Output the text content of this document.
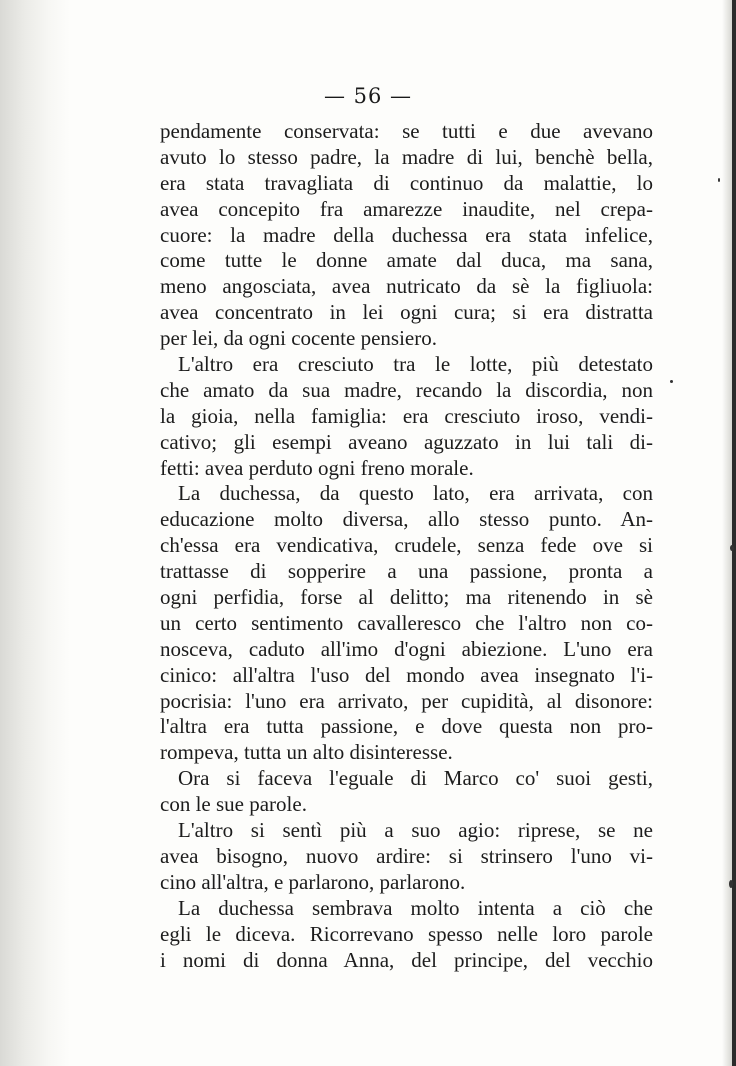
— 56 —
pendamente conservata: se tutti e due avevano
avuto lo stesso padre, la madre di lui, benchè bella,
era stata travagliata di continuo da malattie, lo
avea concepito fra amarezze inaudite, nel crepa-
cuore: la madre della duchessa era stata infelice,
come tutte le donne amate dal duca, ma sana,
meno angosciata, avea nutricato da sè la figliuola:
avea concentrato in lei ogni cura; si era distratta
per lei, da ogni cocente pensiero.
L'altro era cresciuto tra le lotte, più detestato
che amato da sua madre, recando la discordia, non
la gioia, nella famiglia: era cresciuto iroso, vendi-
cativo; gli esempi aveano aguzzato in lui tali di-
fetti: avea perduto ogni freno morale.
La duchessa, da questo lato, era arrivata, con
educazione molto diversa, allo stesso punto. An-
ch'essa era vendicativa, crudele, senza fede ove si
trattasse di sopperire a una passione, pronta a
ogni perfidia, forse al delitto; ma ritenendo in sè
un certo sentimento cavalleresco che l'altro non co-
nosceva, caduto all'imo d'ogni abiezione. L'uno era
cinico: all'altra l'uso del mondo avea insegnato l'i-
pocrisia: l'uno era arrivato, per cupidità, al disonore:
l'altra era tutta passione, e dove questa non pro-
rompeva, tutta un alto disinteresse.
Ora si faceva l'eguale di Marco co' suoi gesti,
con le sue parole.
L'altro si sentì più a suo agio: riprese, se ne
avea bisogno, nuovo ardire: si strinsero l'uno vi-
cino all'altra, e parlarono, parlarono.
La duchessa sembrava molto intenta a ciò che
egli le diceva. Ricorrevano spesso nelle loro parole
i nomi di donna Anna, del principe, del vecchio
